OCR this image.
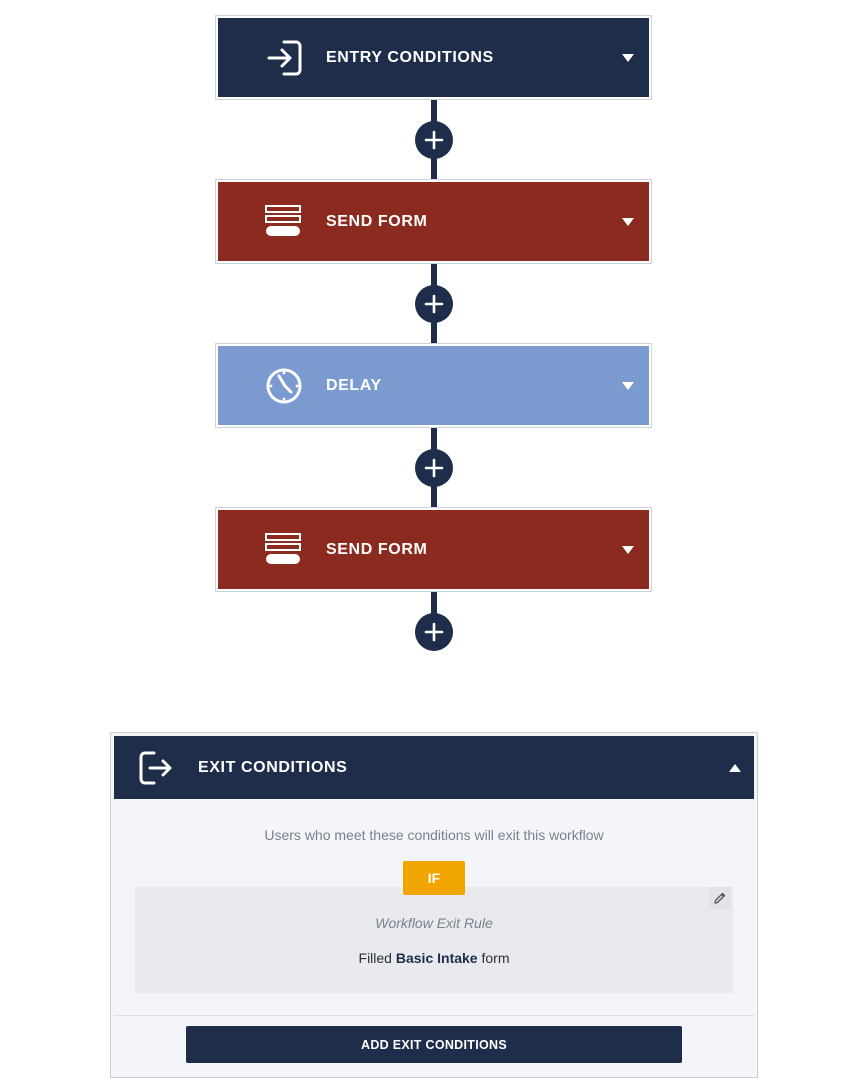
ENTRY CONDITIONS
SEND FORM
DELAY
SEND FORM
EXIT CONDITIONS
Users who meet these conditions will exit this workflow
IF
Workflow Exit Rule
Filled Basic Intake form
ADD EXIT CONDITIONS
